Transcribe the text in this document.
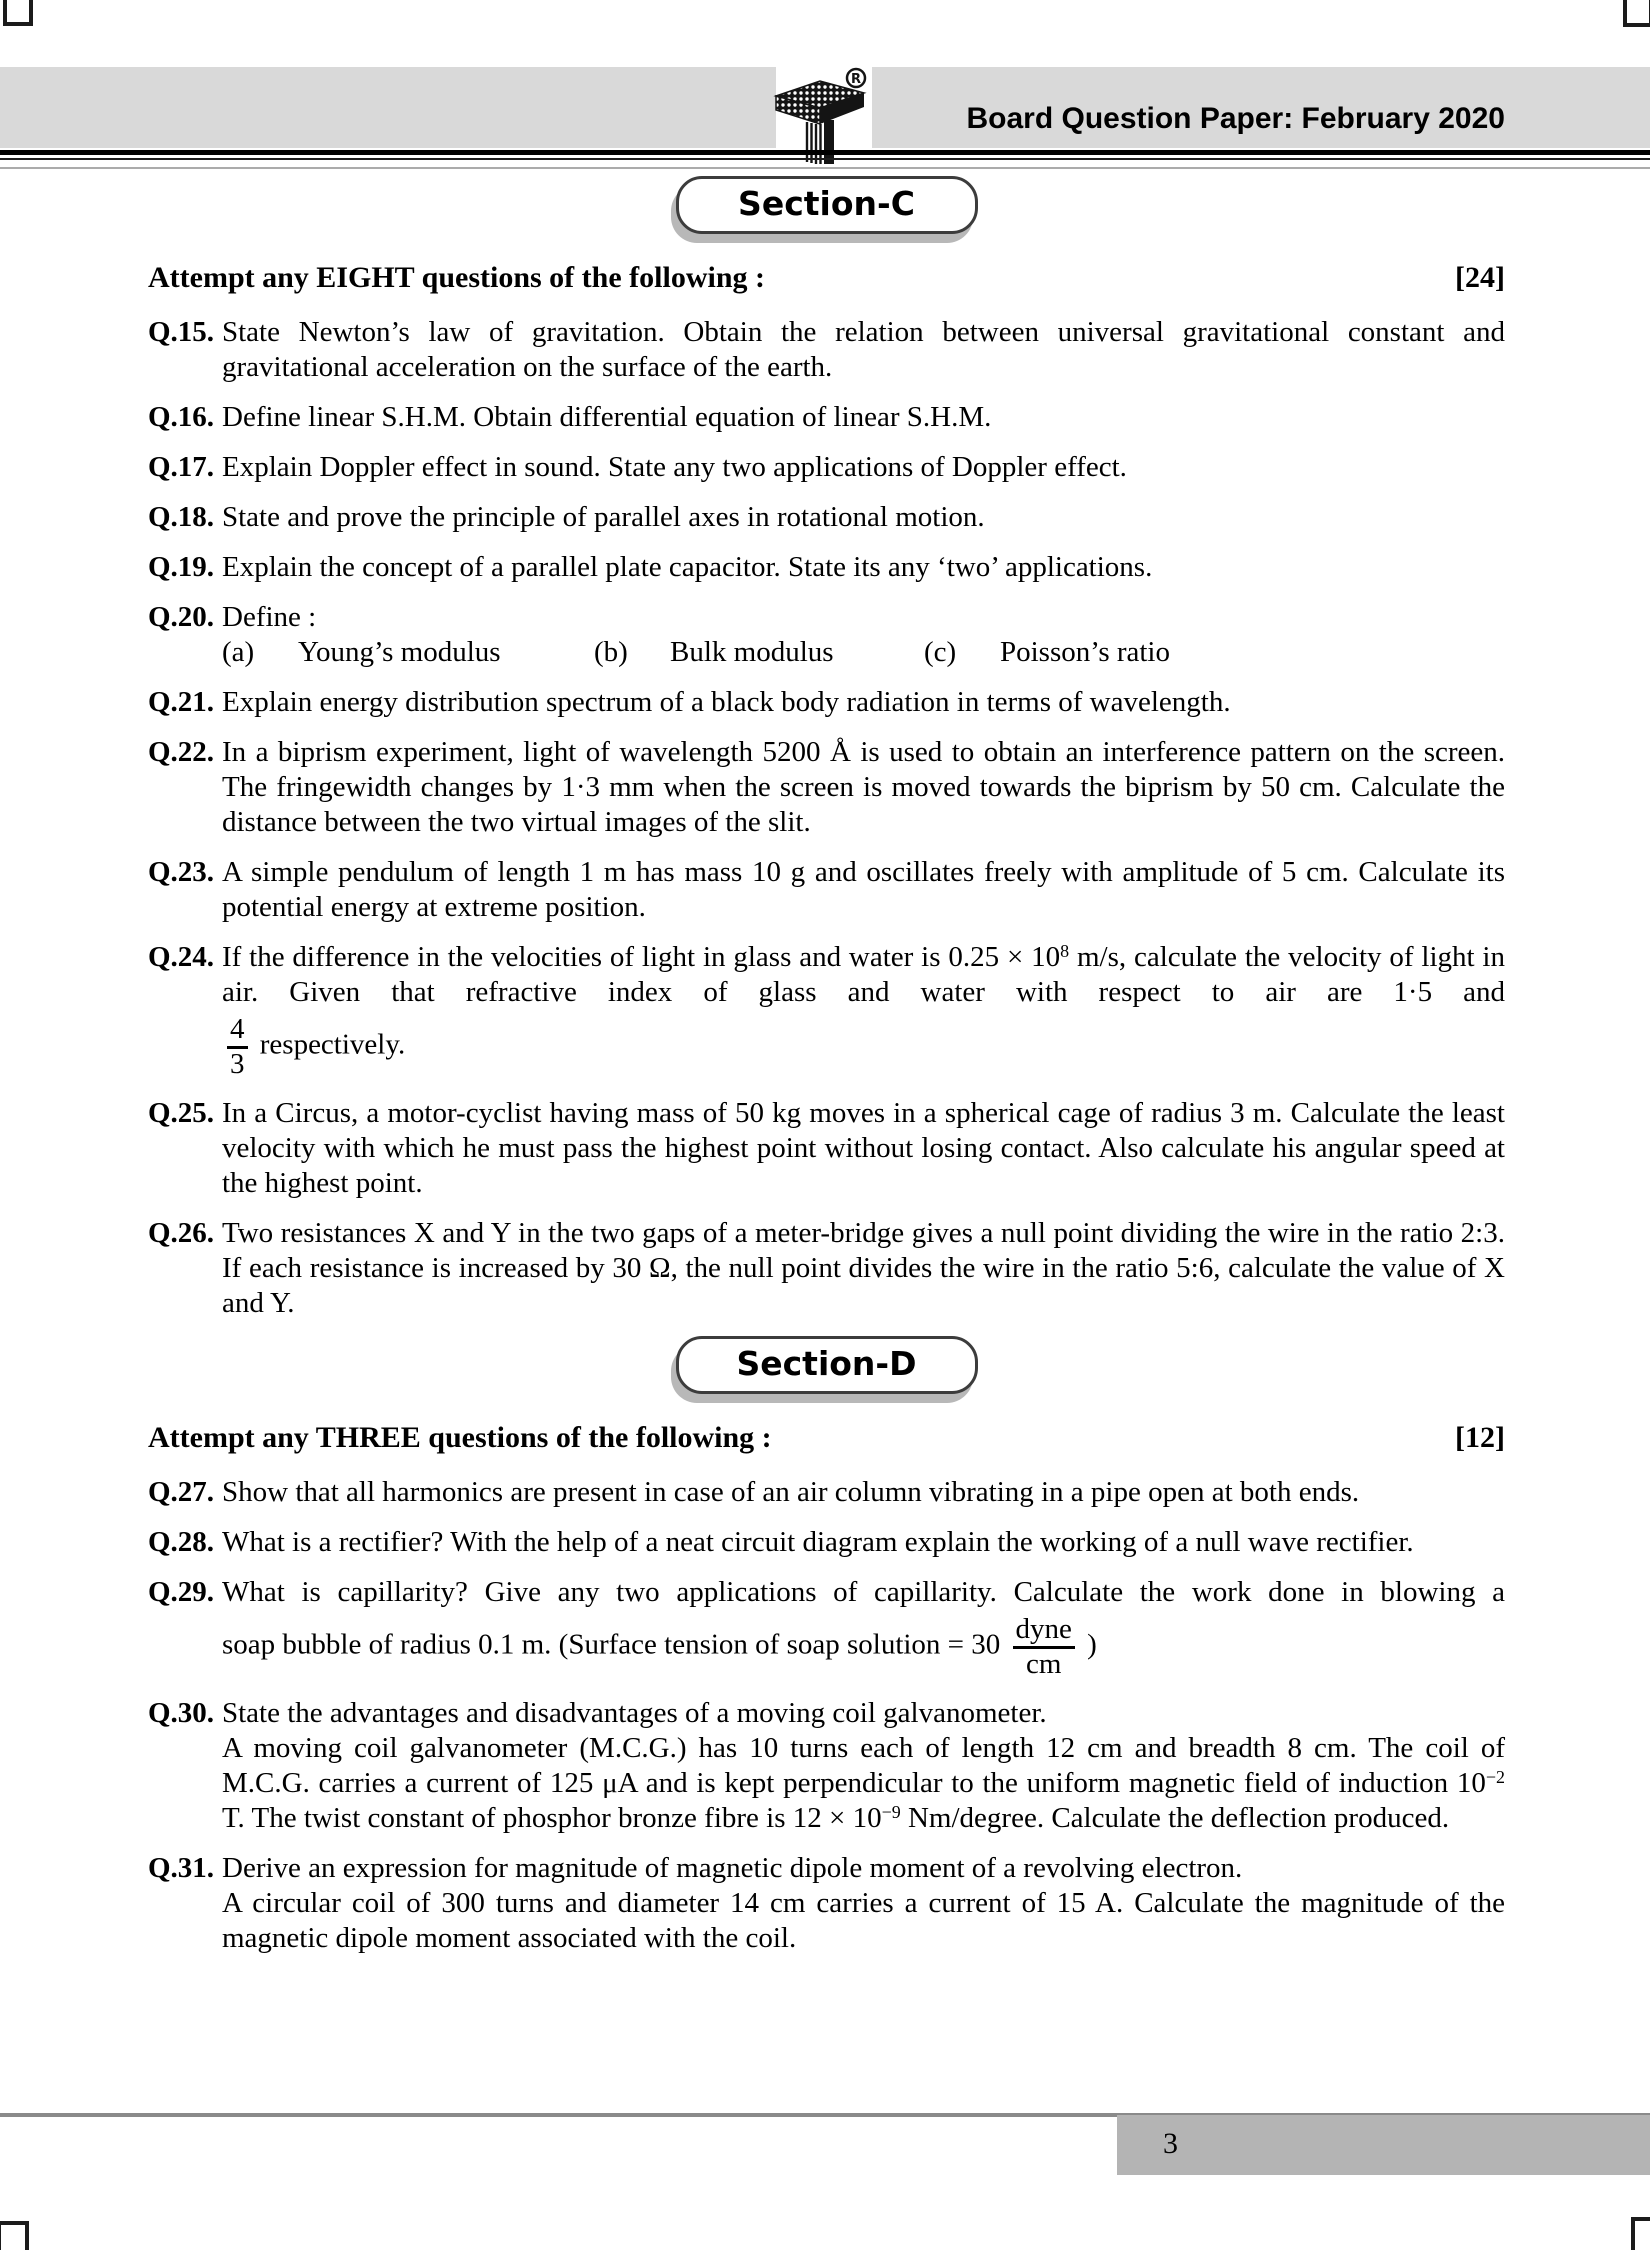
Board Question Paper: February 2020
R
Section-C
Attempt any EIGHT questions of the following :	[24]
Q.15. State Newton’s law of gravitation. Obtain the relation between universal gravitational constant and gravitational acceleration on the surface of the earth.

Q.16. Define linear S.H.M. Obtain differential equation of linear S.H.M.

Q.17. Explain Doppler effect in sound. State any two applications of Doppler effect.

Q.18. State and prove the principle of parallel axes in rotational motion.

Q.19. Explain the concept of a parallel plate capacitor. State its any ‘two’ applications.

Q.20. Define :

(a) Young’s modulus	(b) Bulk modulus	(c) Poisson’s ratio
Q.21. Explain energy distribution spectrum of a black body radiation in terms of wavelength.

Q.22. In a biprism experiment, light of wavelength 5200 Å is used to obtain an interference pattern on the screen. The fringewidth changes by 1·3 mm when the screen is moved towards the biprism by 50 cm. Calculate the distance between the two virtual images of the slit.

Q.23. A simple pendulum of length 1 m has mass 10 g and oscillates freely with amplitude of 5 cm. Calculate its potential energy at extreme position.

Q.24. If the difference in the velocities of light in glass and water is $0.25 \times 10^8$ m/s, calculate the velocity of light in air. Given that refractive index of glass and water with respect to air are 1·5 and

$\frac{4}{3}$ respectively.

Q.25. In a Circus, a motor-cyclist having mass of 50 kg moves in a spherical cage of radius 3 m. Calculate the least velocity with which he must pass the highest point without losing contact. Also calculate his angular speed at the highest point.

Q.26. Two resistances X and Y in the two gaps of a meter-bridge gives a null point dividing the wire in the ratio 2:3. If each resistance is increased by 30 Ω, the null point divides the wire in the ratio 5:6, calculate the value of X and Y.

Section-D
Attempt any THREE questions of the following :	[12]
Q.27. Show that all harmonics are present in case of an air column vibrating in a pipe open at both ends.

Q.28. What is a rectifier? With the help of a neat circuit diagram explain the working of a null wave rectifier.

Q.29. What is capillarity? Give any two applications of capillarity. Calculate the work done in blowing a

soap bubble of radius 0.1 m. (Surface tension of soap solution = $30 \frac{\text{dyne}}{cm}$ )

Q.30. State the advantages and disadvantages of a moving coil galvanometer.

A moving coil galvanometer (M.C.G.) has 10 turns each of length 12 cm and breadth 8 cm. The coil of M.C.G. carries a current of 125 μA and is kept perpendicular to the uniform magnetic field of induction $10^{-2}$ T. The twist constant of phosphor bronze fibre is $12 \times 10^{-9}$ Nm/degree. Calculate the deflection produced.

Q.31. Derive an expression for magnitude of magnetic dipole moment of a revolving electron.

A circular coil of 300 turns and diameter 14 cm carries a current of 15 A. Calculate the magnitude of the magnetic dipole moment associated with the coil.

3
